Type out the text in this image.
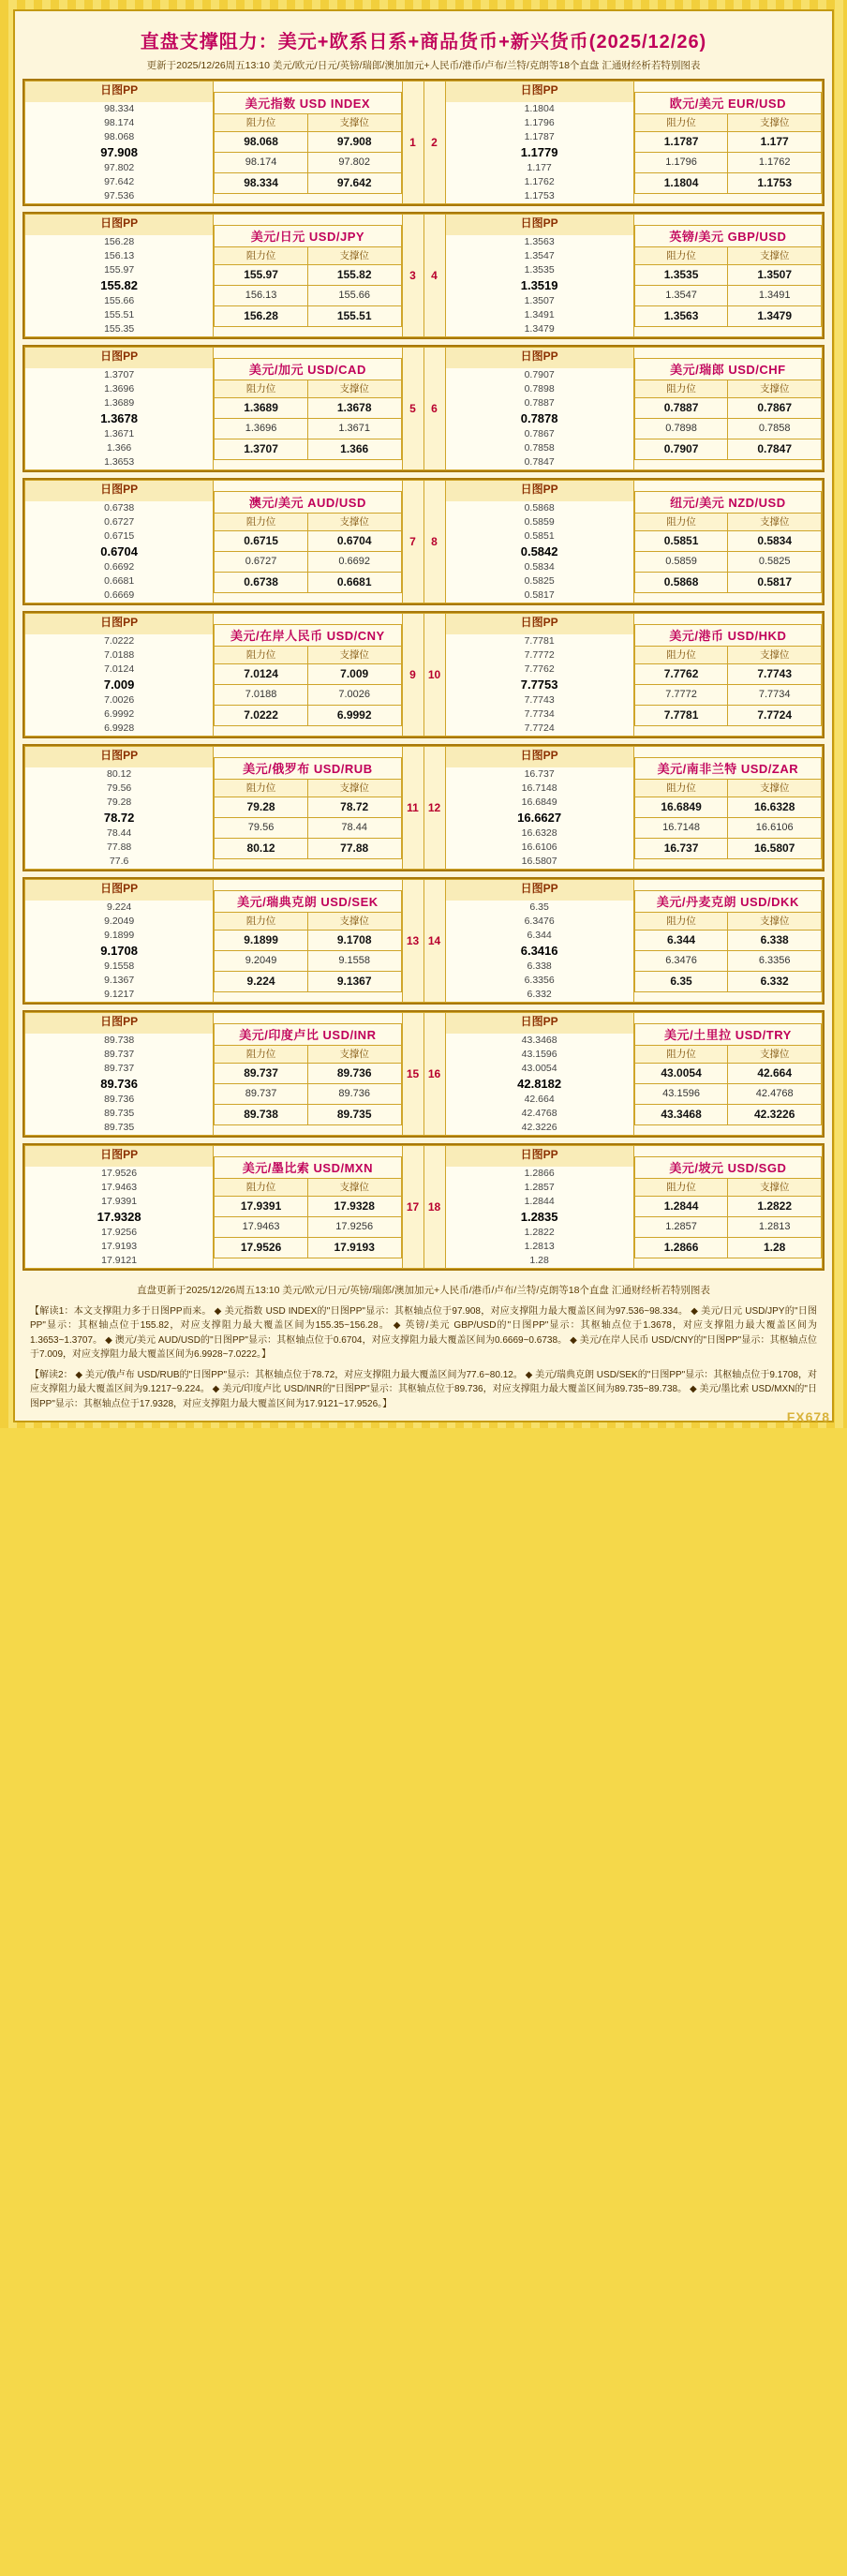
直盘支撑阻力：美元+欧系日系+商品货币+新兴货币(2025/12/26)
更新于2025/12/26周五13:10 美元/欧元/日元/英镑/瑞郎/澳加加元+人民币/港币/卢布/兰特/克朗等18个直盘 汇通财经析若特别图表
日图PP
98.334
98.174
98.068
97.908
97.802
97.642
97.536

美元指数 USD INDEX
阻力位	支撑位
98.068	97.908
98.174	97.802
98.334	97.642
	1	2	
日图PP
1.1804
1.1796
1.1787
1.1779
1.177
1.1762
1.1753

欧元/美元 EUR/USD
阻力位	支撑位
1.1787	1.177
1.1796	1.1762
1.1804	1.1753
日图PP
156.28
156.13
155.97
155.82
155.66
155.51
155.35

美元/日元 USD/JPY
阻力位	支撑位
155.97	155.82
156.13	155.66
156.28	155.51
	3	4	
日图PP
1.3563
1.3547
1.3535
1.3519
1.3507
1.3491
1.3479

英镑/美元 GBP/USD
阻力位	支撑位
1.3535	1.3507
1.3547	1.3491
1.3563	1.3479
日图PP
1.3707
1.3696
1.3689
1.3678
1.3671
1.366
1.3653

美元/加元 USD/CAD
阻力位	支撑位
1.3689	1.3678
1.3696	1.3671
1.3707	1.366
	5	6	
日图PP
0.7907
0.7898
0.7887
0.7878
0.7867
0.7858
0.7847

美元/瑞郎 USD/CHF
阻力位	支撑位
0.7887	0.7867
0.7898	0.7858
0.7907	0.7847
日图PP
0.6738
0.6727
0.6715
0.6704
0.6692
0.6681
0.6669

澳元/美元 AUD/USD
阻力位	支撑位
0.6715	0.6704
0.6727	0.6692
0.6738	0.6681
	7	8	
日图PP
0.5868
0.5859
0.5851
0.5842
0.5834
0.5825
0.5817

纽元/美元 NZD/USD
阻力位	支撑位
0.5851	0.5834
0.5859	0.5825
0.5868	0.5817
日图PP
7.0222
7.0188
7.0124
7.009
7.0026
6.9992
6.9928

美元/在岸人民币 USD/CNY
阻力位	支撑位
7.0124	7.009
7.0188	7.0026
7.0222	6.9992
	9	10	
日图PP
7.7781
7.7772
7.7762
7.7753
7.7743
7.7734
7.7724

美元/港币 USD/HKD
阻力位	支撑位
7.7762	7.7743
7.7772	7.7734
7.7781	7.7724
日图PP
80.12
79.56
79.28
78.72
78.44
77.88
77.6

美元/俄罗布 USD/RUB
阻力位	支撑位
79.28	78.72
79.56	78.44
80.12	77.88
	11	12	
日图PP
16.737
16.7148
16.6849
16.6627
16.6328
16.6106
16.5807

美元/南非兰特 USD/ZAR
阻力位	支撑位
16.6849	16.6328
16.7148	16.6106
16.737	16.5807
日图PP
9.224
9.2049
9.1899
9.1708
9.1558
9.1367
9.1217

美元/瑞典克朗 USD/SEK
阻力位	支撑位
9.1899	9.1708
9.2049	9.1558
9.224	9.1367
	13	14	
日图PP
6.35
6.3476
6.344
6.3416
6.338
6.3356
6.332

美元/丹麦克朗 USD/DKK
阻力位	支撑位
6.344	6.338
6.3476	6.3356
6.35	6.332
日图PP
89.738
89.737
89.737
89.736
89.736
89.735
89.735

美元/印度卢比 USD/INR
阻力位	支撑位
89.737	89.736
89.737	89.736
89.738	89.735
	15	16	
日图PP
43.3468
43.1596
43.0054
42.8182
42.664
42.4768
42.3226

美元/土里拉 USD/TRY
阻力位	支撑位
43.0054	42.664
43.1596	42.4768
43.3468	42.3226
日图PP
17.9526
17.9463
17.9391
17.9328
17.9256
17.9193
17.9121

美元/墨比索 USD/MXN
阻力位	支撑位
17.9391	17.9328
17.9463	17.9256
17.9526	17.9193
	17	18	
日图PP
1.2866
1.2857
1.2844
1.2835
1.2822
1.2813
1.28

美元/坡元 USD/SGD
阻力位	支撑位
1.2844	1.2822
1.2857	1.2813
1.2866	1.28
直盘更新于2025/12/26周五13:10 美元/欧元/日元/英镑/瑞郎/澳加加元+人民币/港币/卢布/兰特/克朗等18个直盘 汇通财经析若特别图表
【解读1：本文支撑阻力多于日图PP而来。 ◆ 美元指数 USD INDEX的"日图PP"显示：其枢轴点位于97.908，对应支撑阻力最大覆盖区间为97.536~98.334。 ◆ 美元/日元 USD/JPY的"日图PP"显示：其枢轴点位于155.82，对应支撑阻力最大覆盖区间为155.35~156.28。 ◆ 英镑/美元 GBP/USD的"日图PP"显示：其枢轴点位于1.3678，对应支撑阻力最大覆盖区间为1.3653~1.3707。 ◆ 澳元/美元 AUD/USD的"日图PP"显示：其枢轴点位于0.6704，对应支撑阻力最大覆盖区间为0.6669~0.6738。 ◆ 美元/在岸人民币 USD/CNY的"日图PP"显示：其枢轴点位于7.009，对应支撑阻力最大覆盖区间为6.9928~7.0222。】
【解读2： ◆ 美元/俄卢布 USD/RUB的"日图PP"显示：其枢轴点位于78.72，对应支撑阻力最大覆盖区间为77.6~80.12。 ◆ 美元/瑞典克朗 USD/SEK的"日图PP"显示：其枢轴点位于9.1708，对应支撑阻力最大覆盖区间为9.1217~9.224。 ◆ 美元/印度卢比 USD/INR的"日图PP"显示：其枢轴点位于89.736，对应支撑阻力最大覆盖区间为89.735~89.738。 ◆ 美元/墨比索 USD/MXN的"日图PP"显示：其枢轴点位于17.9328，对应支撑阻力最大覆盖区间为17.9121~17.9526。】
FX678
